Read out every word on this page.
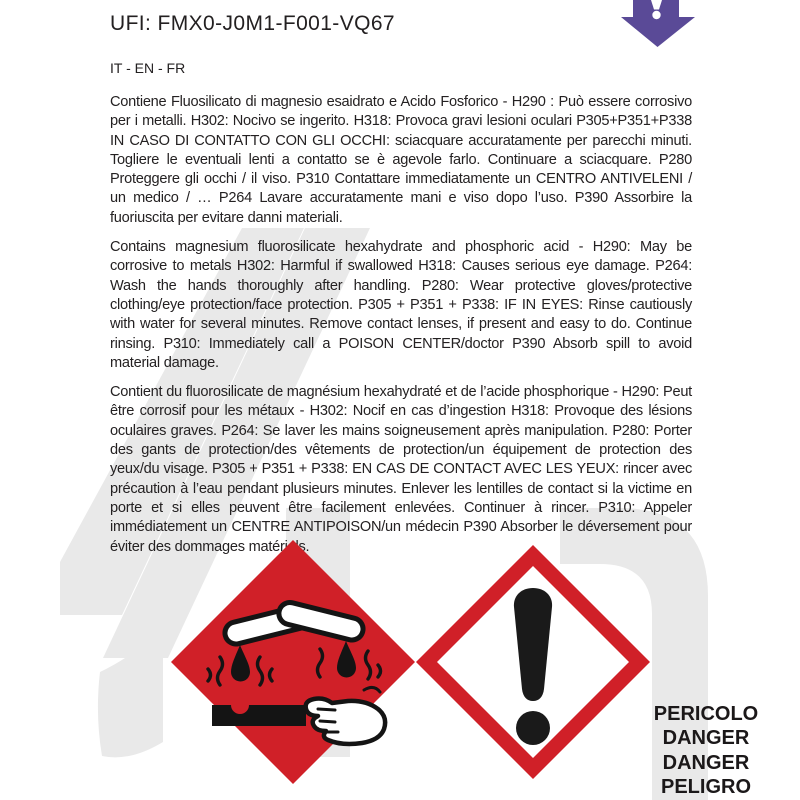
UFI: FMX0-J0M1-F001-VQ67
IT - EN - FR

Contiene Fluosilicato di magnesio esaidrato e Acido Fosforico - H290 : Può essere corrosivo per i metalli. H302: Nocivo se ingerito. H318: Provoca gravi lesioni oculari P305+P351+P338 IN CASO DI CONTATTO CON GLI OCCHI: sciacquare accuratamente per parecchi minuti. Togliere le eventuali lenti a contatto se è agevole farlo. Continuare a sciacquare. P280 Proteggere gli occhi / il viso. P310 Contattare immediatamente un CENTRO ANTIVELENI / un medico / … P264 Lavare accuratamente mani e viso dopo l’uso. P390 Assorbire la fuoriuscita per evitare danni materiali.

Contains magnesium fluorosilicate hexahydrate and phosphoric acid - H290: May be corrosive to metals H302: Harmful if swallowed H318: Causes serious eye damage. P264: Wash the hands thoroughly after handling. P280: Wear protective gloves/protective clothing/eye protection/face protection. P305 + P351 + P338: IF IN EYES: Rinse cautiously with water for several minutes. Remove contact lenses, if present and easy to do. Continue rinsing. P310: Immediately call a POISON CENTER/doctor P390 Absorb spill to avoid material damage.

Contient du fluorosilicate de magnésium hexahydraté et de l’acide phosphorique - H290: Peut être corrosif pour les métaux - H302: Nocif en cas d’ingestion H318: Provoque des lésions oculaires graves. P264: Se laver les mains soigneusement après manipulation. P280: Porter des gants de protection/des vêtements de protection/un équipement de protection des yeux/du visage. P305 + P351 + P338: EN CAS DE CONTACT AVEC LES YEUX: rincer avec précaution à l’eau pendant plusieurs minutes. Enlever les lentilles de contact si la victime en porte et si elles peuvent être facilement enlevées. Continuer à rincer. P310: Appeler immédiatement un CENTRE ANTIPOISON/un médecin P390 Absorber le déversement pour éviter des dommages matériels.

PERICOLO
DANGER
DANGER
PELIGRO
